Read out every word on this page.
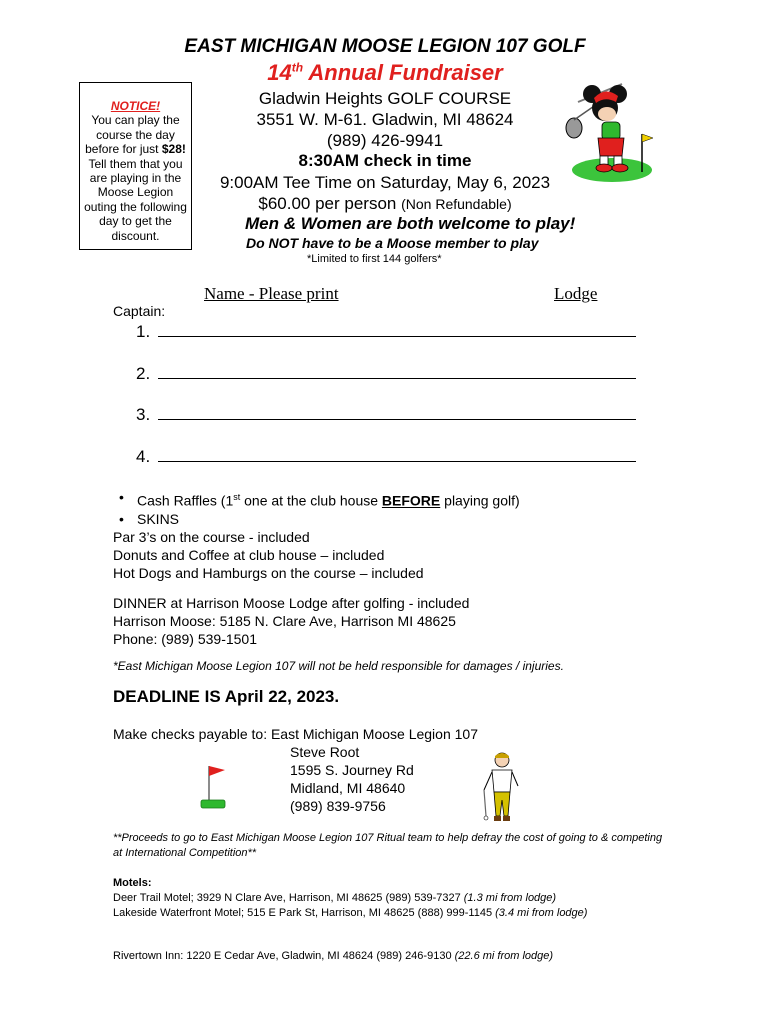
EAST MICHIGAN MOOSE LEGION 107 GOLF
14th Annual Fundraiser
NOTICE!
You can play the
course the day
before for just $28!
Tell them that you
are playing in the
Moose Legion
outing the following
day to get the
discount.
Gladwin Heights GOLF COURSE
3551 W. M-61. Gladwin, MI 48624
(989) 426-9941
8:30AM check in time
9:00AM Tee Time on Saturday, May 6, 2023
$60.00 per person (Non Refundable)
Men & Women are both welcome to play!
Do NOT have to be a Moose member to play
*Limited to first 144 golfers*
Name - Please print	Lodge
Captain:
1.
2.
3.
4.
• Cash Raffles (1st one at the club house BEFORE playing golf)
• SKINS
Par 3’s on the course - included
Donuts and Coffee at club house – included
Hot Dogs and Hamburgs on the course – included
DINNER at Harrison Moose Lodge after golfing - included
Harrison Moose: 5185 N. Clare Ave, Harrison MI 48625
Phone: (989) 539-1501
*East Michigan Moose Legion 107 will not be held responsible for damages / injuries.
DEADLINE IS April 22, 2023.
Make checks payable to: East Michigan Moose Legion 107
Steve Root
1595 S. Journey Rd
Midland, MI 48640
(989) 839-9756
**Proceeds to go to East Michigan Moose Legion 107 Ritual team to help defray the cost of going to & competing at International Competition**
Motels:
Deer Trail Motel; 3929 N Clare Ave, Harrison, MI 48625 (989) 539-7327 (1.3 mi from lodge)
Lakeside Waterfront Motel; 515 E Park St, Harrison, MI 48625 (888) 999-1145 (3.4 mi from lodge)
Rivertown Inn: 1220 E Cedar Ave, Gladwin, MI 48624 (989) 246-9130 (22.6 mi from lodge)
